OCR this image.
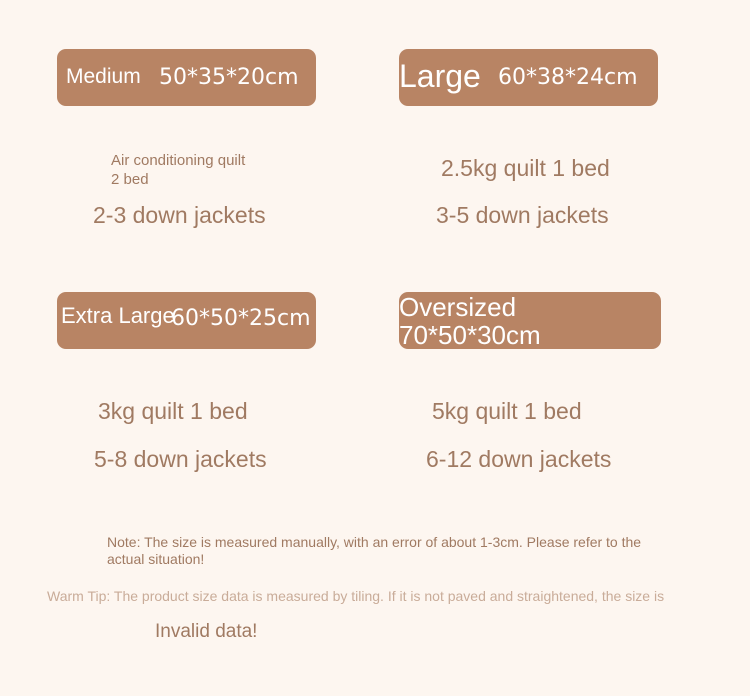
Medium 50*35*20cm
Air conditioning quilt
2 bed
2-3 down jackets
Large 60*38*24cm
2.5kg quilt 1 bed
3-5 down jackets
Extra Large
60*50*25cm
3kg quilt 1 bed
5-8 down jackets
Oversized
70*50*30cm
5kg quilt 1 bed
6-12 down jackets
Note: The size is measured manually, with an error of about 1-3cm. Please refer to the actual situation!
Warm Tip: The product size data is measured by tiling. If it is not paved and straightened, the size is
Invalid data!
